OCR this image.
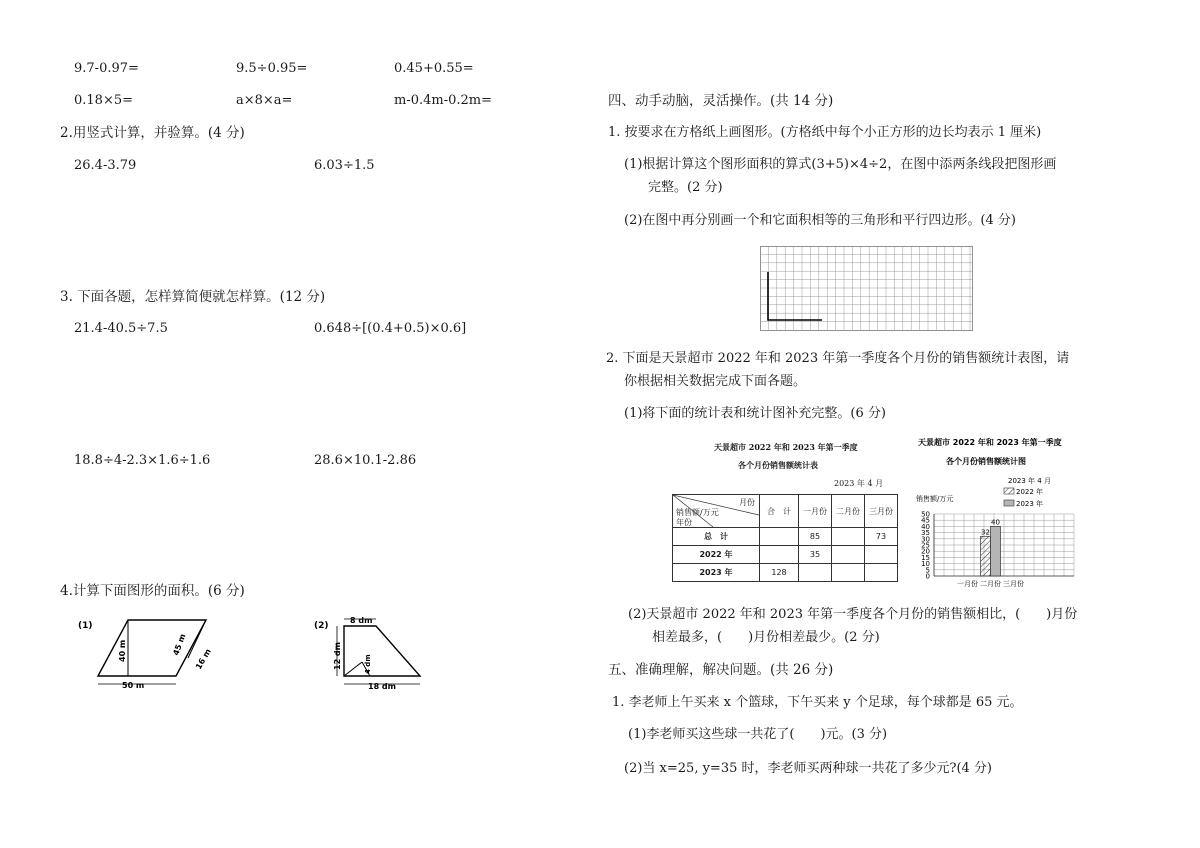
9.7-0.97=	9.5÷0.95=	0.45+0.55=
0.18×5=	a×8×a=	m-0.4m-0.2m=
2.用竖式计算，并验算。(4 分)
26.4-3.79	6.03÷1.5
3. 下面各题，怎样算简便就怎样算。(12 分)
21.4-40.5÷7.5	0.648÷[(0.4+0.5)×0.6]
18.8÷4-2.3×1.6÷1.6	28.6×10.1-2.86
4.计算下面图形的面积。(6 分)
(1)
50 m
40 m	45 m
16 m
(2)
8 dm
12 dm
18 dm
4 dm
四、动手动脑，灵活操作。(共 14 分)
1. 按要求在方格纸上画图形。(方格纸中每个小正方形的边长均表示 1 厘米)
(1)根据计算这个图形面积的算式(3+5)×4÷2，在图中添两条线段把图形画
完整。(2 分)
(2)在图中再分别画一个和它面积相等的三角形和平行四边形。(4 分)
2. 下面是天景超市 2022 年和 2023 年第一季度各个月份的销售额统计表图，请
你根据相关数据完成下面各题。
(1)将下面的统计表和统计图补充完整。(6 分)
天景超市 2022 年和 2023 年第一季度
各个月份销售额统计表
2023 年 4 月
月份
销售额/万元
年份	合　计	一月份	二月份	三月份
总　计		85		73
2022 年		35		
2023 年	128			
天景超市 2022 年和 2023 年第一季度
各个月份销售额统计图
2023 年 4 月
销售额/万元
2022 年
2023 年
0
5
10
15
20
25
30
35
40
45
50
一月份 二月份
32
40
三月份
(2)天景超市 2022 年和 2023 年第一季度各个月份的销售额相比，(　　)月份
相差最多，(　　)月份相差最少。(2 分)
五、准确理解，解决问题。(共 26 分)
1. 李老师上午买来 x 个篮球，下午买来 y 个足球，每个球都是 65 元。
(1)李老师买这些球一共花了(　　)元。(3 分)
(2)当 x=25, y=35 时，李老师买两种球一共花了多少元?(4 分)
